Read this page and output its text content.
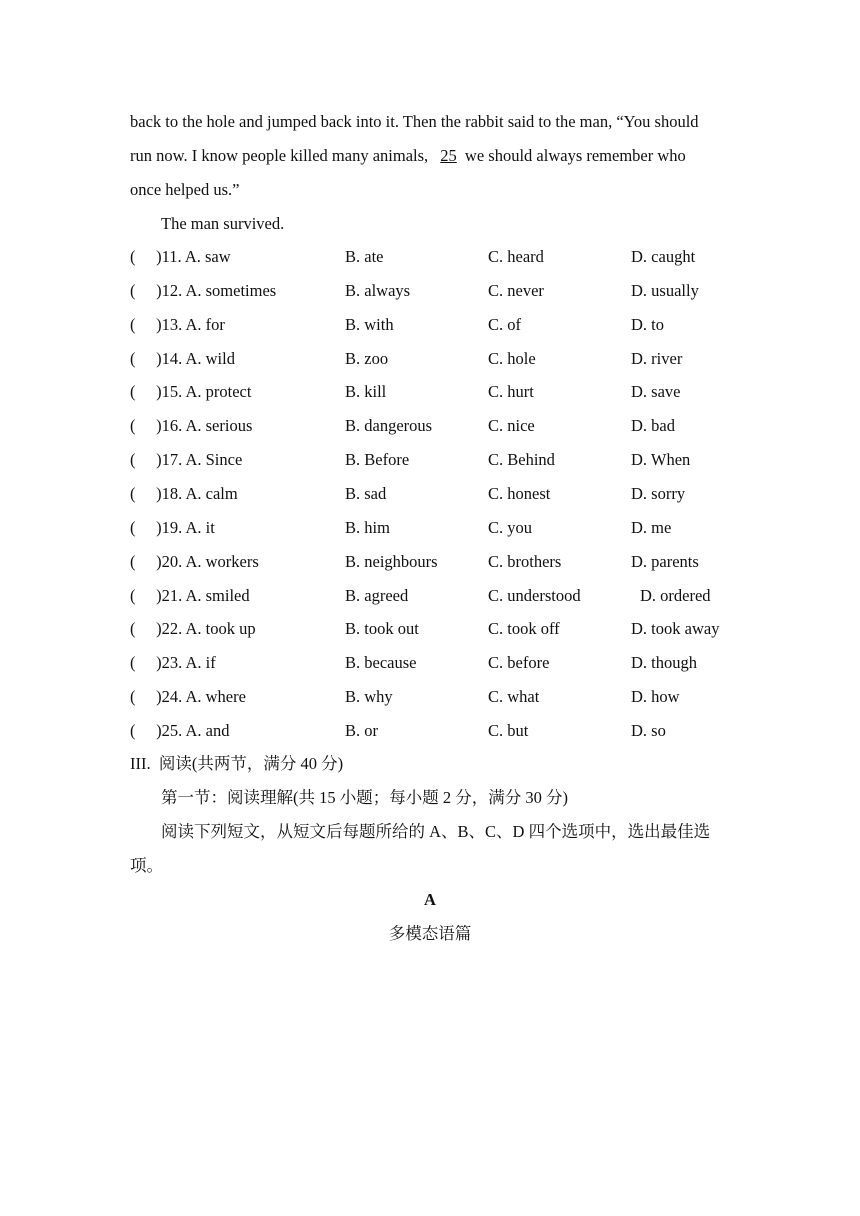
back to the hole and jumped back into it. Then the rabbit said to the man, “You should
run now. I know people killed many animals, 25 we should always remember who
once helped us.”
The man survived.
(     )11. A. saw	B. ate	C. heard	D. caught
(     )12. A. sometimes	B. always	C. never	D. usually
(     )13. A. for	B. with	C. of	D. to
(     )14. A. wild	B. zoo	C. hole	D. river
(     )15. A. protect	B. kill	C. hurt	D. save
(     )16. A. serious	B. dangerous	C. nice	D. bad
(     )17. A. Since	B. Before	C. Behind	D. When
(     )18. A. calm	B. sad	C. honest	D. sorry
(     )19. A. it	B. him	C. you	D. me
(     )20. A. workers	B. neighbours	C. brothers	D. parents
(     )21. A. smiled	B. agreed	C. understood	D. ordered
(     )22. A. took up	B. took out	C. took off	D. took away
(     )23. A. if	B. because	C. before	D. though
(     )24. A. where	B. why	C. what	D. how
(     )25. A. and	B. or	C. but	D. so
III.  阅读(共两节，满分 40 分)
第一节：阅读理解(共 15 小题；每小题 2 分，满分 30 分)
阅读下列短文，从短文后每题所给的 A、B、C、D 四个选项中，选出最佳选
项。
A
多模态语篇
